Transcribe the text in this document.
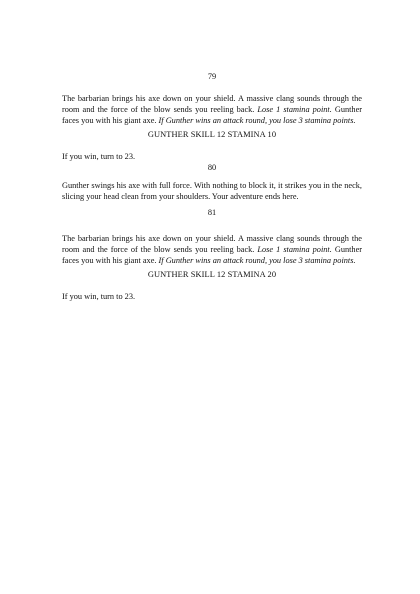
79
The barbarian brings his axe down on your shield. A massive clang sounds through the room and the force of the blow sends you reeling back. Lose 1 stamina point. Gunther faces you with his giant axe. If Gunther wins an attack round, you lose 3 stamina points.
GUNTHER SKILL 12 STAMINA 10
If you win, turn to 23.
80
Gunther swings his axe with full force. With nothing to block it, it strikes you in the neck, slicing your head clean from your shoulders. Your adventure ends here.
81
The barbarian brings his axe down on your shield. A massive clang sounds through the room and the force of the blow sends you reeling back. Lose 1 stamina point. Gunther faces you with his giant axe. If Gunther wins an attack round, you lose 3 stamina points.
GUNTHER SKILL 12 STAMINA 20
If you win, turn to 23.
